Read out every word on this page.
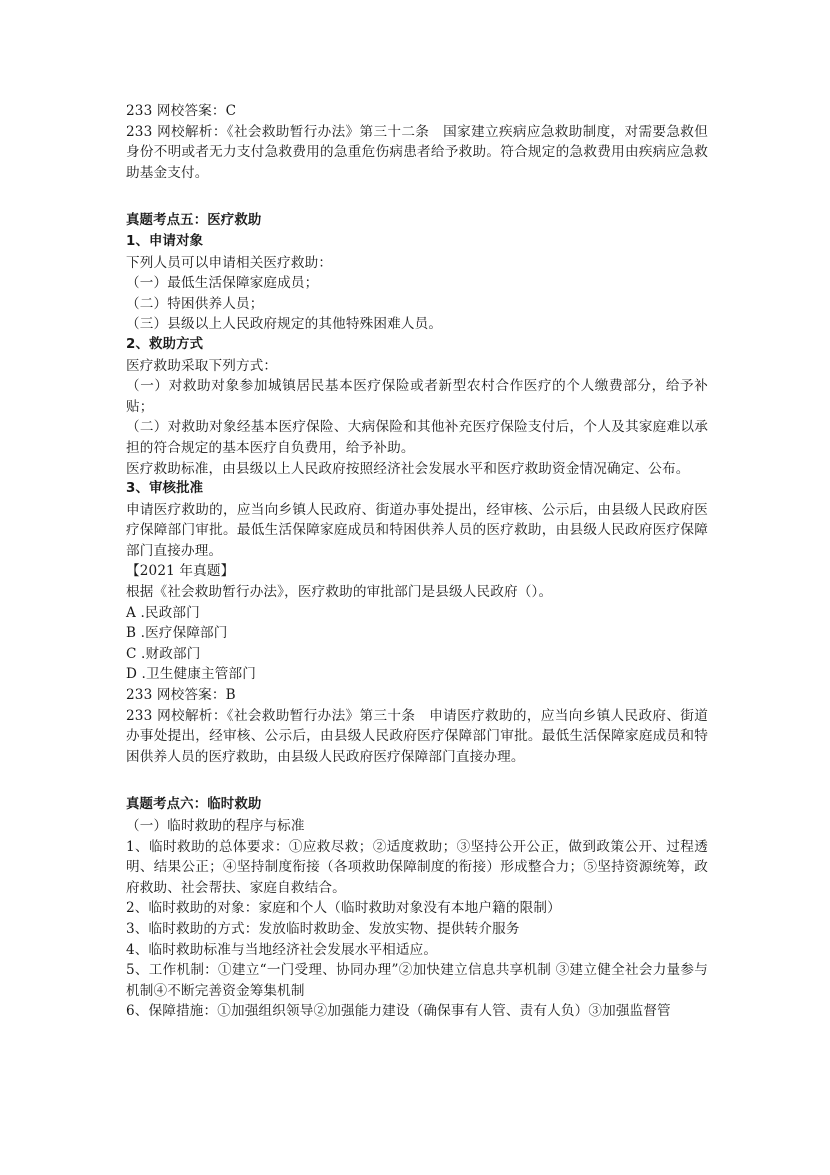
233 网校答案：C

233 网校解析：《社会救助暂行办法》第三十二条　国家建立疾病应急救助制度，对需要急救但身份不明或者无力支付急救费用的急重危伤病患者给予救助。符合规定的急救费用由疾病应急救助基金支付。

真题考点五：医疗救助

1、申请对象

下列人员可以申请相关医疗救助：

（一）最低生活保障家庭成员；

（二）特困供养人员；

（三）县级以上人民政府规定的其他特殊困难人员。

2、救助方式

医疗救助采取下列方式：

（一）对救助对象参加城镇居民基本医疗保险或者新型农村合作医疗的个人缴费部分，给予补贴；

（二）对救助对象经基本医疗保险、大病保险和其他补充医疗保险支付后，个人及其家庭难以承担的符合规定的基本医疗自负费用，给予补助。

医疗救助标准，由县级以上人民政府按照经济社会发展水平和医疗救助资金情况确定、公布。

3、审核批准

申请医疗救助的，应当向乡镇人民政府、街道办事处提出，经审核、公示后，由县级人民政府医疗保障部门审批。最低生活保障家庭成员和特困供养人员的医疗救助，由县级人民政府医疗保障部门直接办理。

【2021 年真题】

根据《社会救助暂行办法》，医疗救助的审批部门是县级人民政府（）。

A .民政部门

B .医疗保障部门

C .财政部门

D .卫生健康主管部门

233 网校答案：B

233 网校解析：《社会救助暂行办法》第三十条　申请医疗救助的，应当向乡镇人民政府、街道办事处提出，经审核、公示后，由县级人民政府医疗保障部门审批。最低生活保障家庭成员和特困供养人员的医疗救助，由县级人民政府医疗保障部门直接办理。

真题考点六：临时救助

（一）临时救助的程序与标准

1、临时救助的总体要求：①应救尽救；②适度救助；③坚持公开公正，做到政策公开、过程透明、结果公正；④坚持制度衔接（各项救助保障制度的衔接）形成整合力；⑤坚持资源统筹，政府救助、社会帮扶、家庭自救结合。

2、临时救助的对象：家庭和个人（临时救助对象没有本地户籍的限制）

3、临时救助的方式：发放临时救助金、发放实物、提供转介服务

4、临时救助标准与当地经济社会发展水平相适应。

5、工作机制：①建立“一门受理、协同办理”②加快建立信息共享机制 ③建立健全社会力量参与机制④不断完善资金筹集机制

6、保障措施：①加强组织领导②加强能力建设（确保事有人管、责有人负）③加强监督管
